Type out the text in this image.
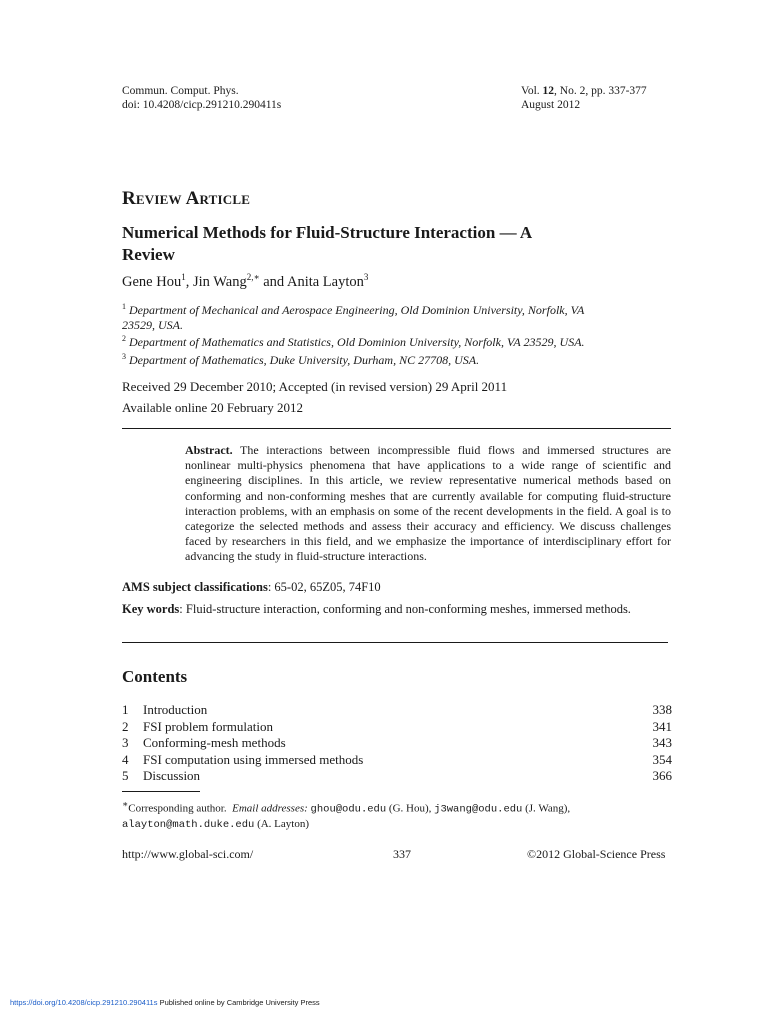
Commun. Comput. Phys.
doi: 10.4208/cicp.291210.290411s
Vol. 12, No. 2, pp. 337-377
August 2012
Review Article
Numerical Methods for Fluid-Structure Interaction — A Review
Gene Hou$^1$, Jin Wang$^{2,∗}$ and Anita Layton$^3$
$^1$ Department of Mechanical and Aerospace Engineering, Old Dominion University, Norfolk, VA 23529, USA.
$^2$ Department of Mathematics and Statistics, Old Dominion University, Norfolk, VA 23529, USA.
$^3$ Department of Mathematics, Duke University, Durham, NC 27708, USA.
Received 29 December 2010; Accepted (in revised version) 29 April 2011
Available online 20 February 2012
Abstract. The interactions between incompressible fluid flows and immersed structures are nonlinear multi-physics phenomena that have applications to a wide range of scientific and engineering disciplines. In this article, we review representative numerical methods based on conforming and non-conforming meshes that are currently available for computing fluid-structure interaction problems, with an emphasis on some of the recent developments in the field. A goal is to categorize the selected methods and assess their accuracy and efficiency. We discuss challenges faced by researchers in this field, and we emphasize the importance of interdisciplinary effort for advancing the study in fluid-structure interactions.
AMS subject classifications: 65-02, 65Z05, 74F10
Key words: Fluid-structure interaction, conforming and non-conforming meshes, immersed methods.
Contents
1	Introduction	338
2	FSI problem formulation	341
3	Conforming-mesh methods	343
4	FSI computation using immersed methods	354
5	Discussion	366
∗Corresponding author. Email addresses: ghou@odu.edu (G. Hou), j3wang@odu.edu (J. Wang), alayton@math.duke.edu (A. Layton)
http://www.global-sci.com/	337	©2012 Global-Science Press
https://doi.org/10.4208/cicp.291210.290411s Published online by Cambridge University Press
